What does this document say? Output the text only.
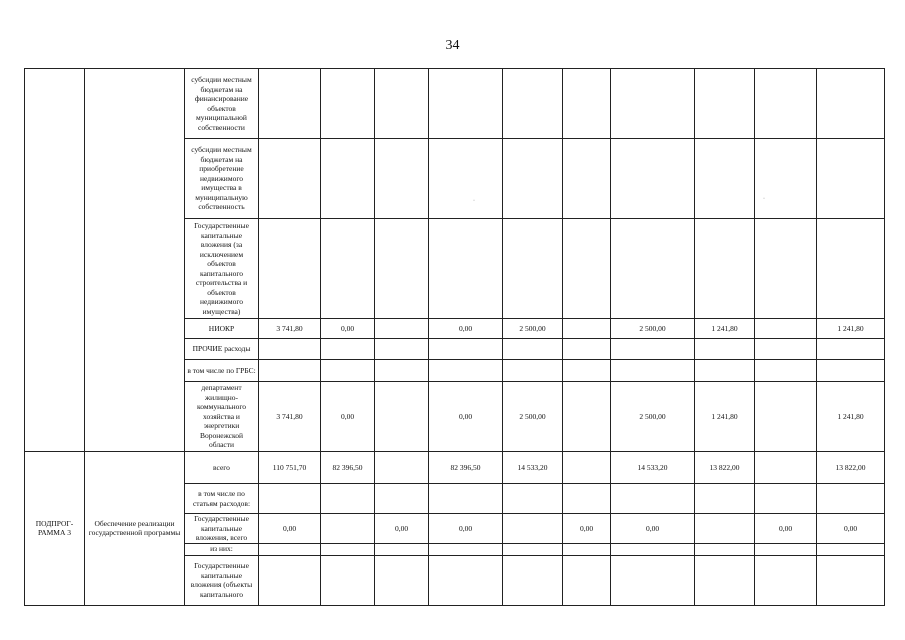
34
		субсидии местным бюджетам на финансирование объектов муниципальной собственности										
		субсидии местным бюджетам на приобретение недвижимого имущества в муниципальную собственность										
		Государственные капитальные вложения (за исключением объектов капитального строительства и объектов недвижимого имущества)										
		НИОКР	3 741,80	0,00		0,00	2 500,00		2 500,00	1 241,80		1 241,80
		ПРОЧИЕ расходы										
		в том числе по ГРБС:										
		департамент жилищно-коммунального хозяйства и энергетики Воронежской области	3 741,80	0,00		0,00	2 500,00		2 500,00	1 241,80		1 241,80
ПОДПРОГ-РАММА 3	Обеспечение реализации государственной программы	всего	110 751,70	82 396,50		82 396,50	14 533,20		14 533,20	13 822,00		13 822,00
		в том числе по статьям расходов:										
		Государственные капитальные вложения, всего	0,00		0,00	0,00		0,00	0,00		0,00	0,00
		из них:										
		Государственные капитальные вложения (объекты капитального										
·	·
